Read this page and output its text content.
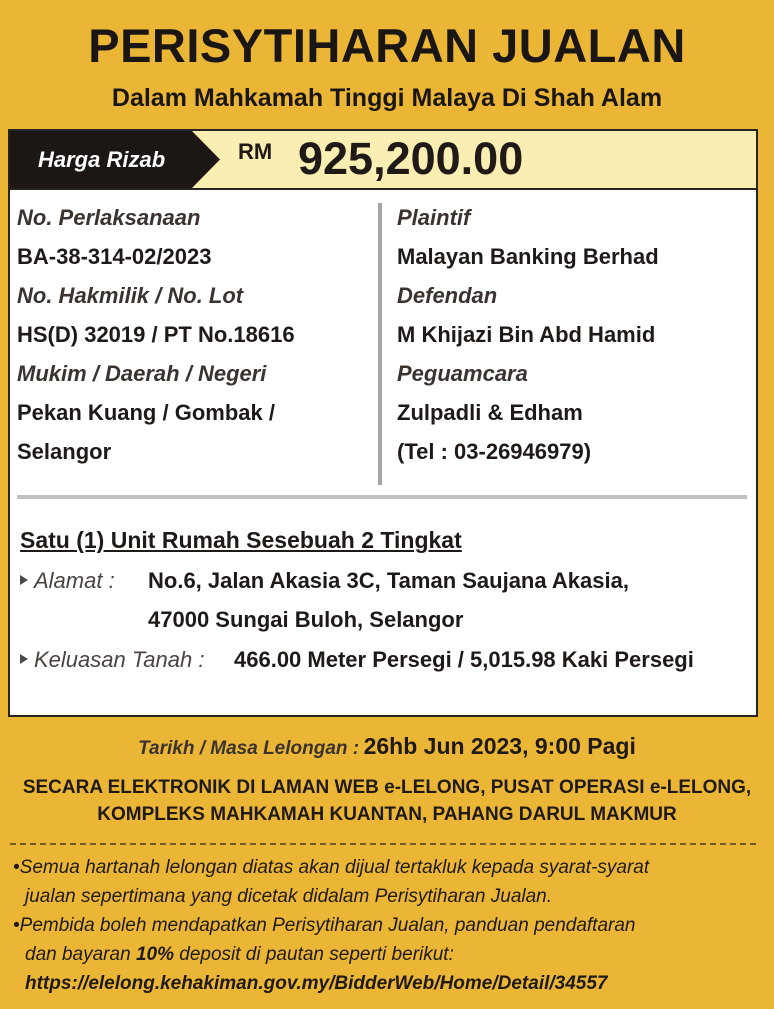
PERISYTIHARAN JUALAN
Dalam Mahkamah Tinggi Malaya Di Shah Alam
Harga Rizab	RM 925,200.00
No. Perlaksanaan
BA-38-314-02/2023
No. Hakmilik / No. Lot
HS(D) 32019 / PT No.18616
Mukim / Daerah / Negeri
Pekan Kuang / Gombak /
Selangor
Plaintif
Malayan Banking Berhad
Defendan
M Khijazi Bin Abd Hamid
Peguamcara
Zulpadli & Edham
(Tel : 03-26946979)
Satu (1) Unit Rumah Sesebuah 2 Tingkat
Alamat : No.6, Jalan Akasia 3C, Taman Saujana Akasia,
47000 Sungai Buloh, Selangor
Keluasan Tanah : 466.00 Meter Persegi / 5,015.98 Kaki Persegi
Tarikh / Masa Lelongan : 26hb Jun 2023, 9:00 Pagi
SECARA ELEKTRONIK DI LAMAN WEB e-LELONG, PUSAT OPERASI e-LELONG,
KOMPLEKS MAHKAMAH KUANTAN, PAHANG DARUL MAKMUR
•Semua hartanah lelongan diatas akan dijual tertakluk kepada syarat-syarat
jualan sepertimana yang dicetak didalam Perisytiharan Jualan.
•Pembida boleh mendapatkan Perisytiharan Jualan, panduan pendaftaran
dan bayaran 10% deposit di pautan seperti berikut:
https://elelong.kehakiman.gov.my/BidderWeb/Home/Detail/34557
